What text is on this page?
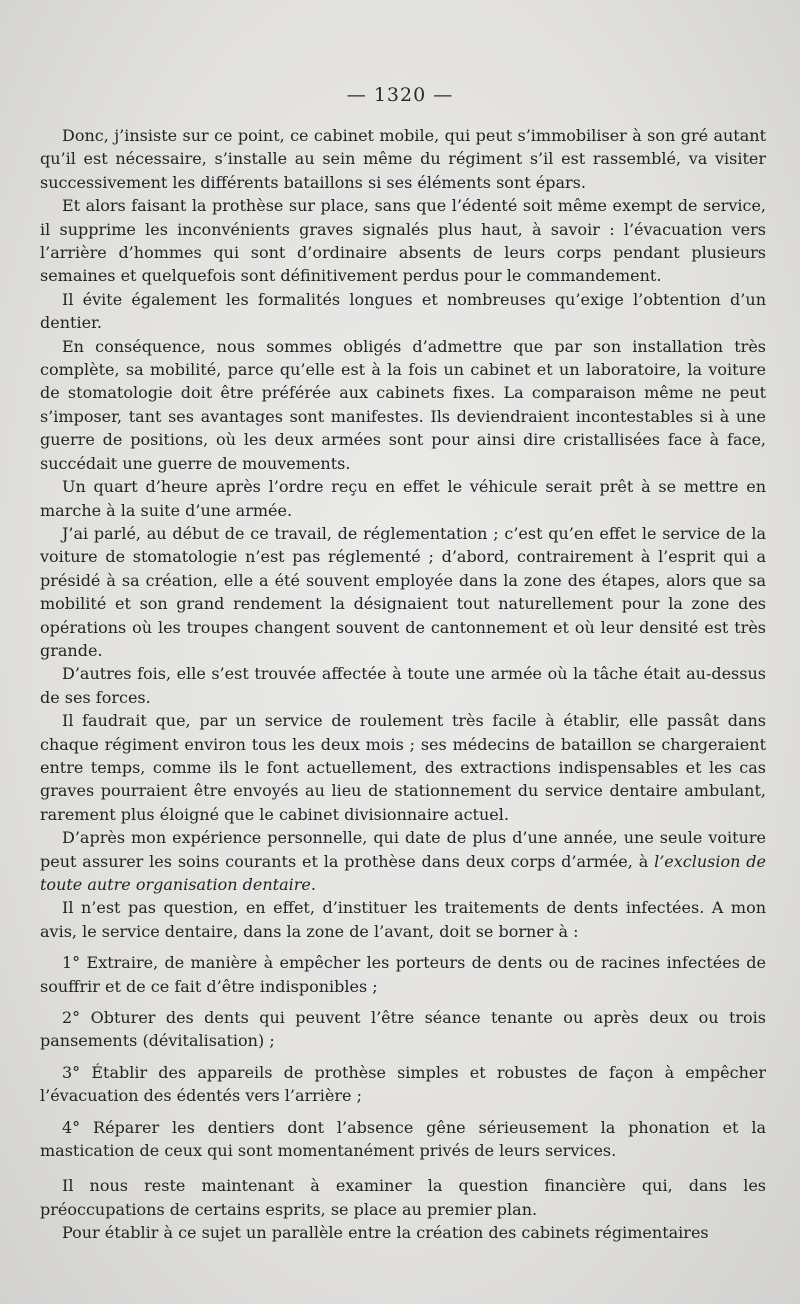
— 1320 —

Donc, j’insiste sur ce point, ce cabinet mobile, qui peut s’immobiliser à son gré autant qu’il est nécessaire, s’installe au sein même du régiment s’il est rassemblé, va visiter successivement les différents bataillons si ses éléments sont épars.

Et alors faisant la prothèse sur place, sans que l’édenté soit même exempt de service, il supprime les inconvénients graves signalés plus haut, à savoir : l’évacuation vers l’arrière d’hommes qui sont d’ordinaire absents de leurs corps pendant plusieurs semaines et quelquefois sont définitivement perdus pour le commandement.

Il évite également les formalités longues et nombreuses qu’exige l’obtention d’un dentier.

En conséquence, nous sommes obligés d’admettre que par son installation très complète, sa mobilité, parce qu’elle est à la fois un cabinet et un laboratoire, la voiture de stomatologie doit être préférée aux cabinets fixes. La comparaison même ne peut s’imposer, tant ses avantages sont manifestes. Ils deviendraient incontestables si à une guerre de positions, où les deux armées sont pour ainsi dire cristallisées face à face, succédait une guerre de mouvements.

Un quart d’heure après l’ordre reçu en effet le véhicule serait prêt à se mettre en marche à la suite d’une armée.

J’ai parlé, au début de ce travail, de réglementation ; c’est qu’en effet le service de la voiture de stomatologie n’est pas réglementé ; d’abord, contrairement à l’esprit qui a présidé à sa création, elle a été souvent employée dans la zone des étapes, alors que sa mobilité et son grand rendement la désignaient tout naturellement pour la zone des opérations où les troupes changent souvent de cantonnement et où leur densité est très grande.

D’autres fois, elle s’est trouvée affectée à toute une armée où la tâche était au-dessus de ses forces.

Il faudrait que, par un service de roulement très facile à établir, elle passât dans chaque régiment environ tous les deux mois ; ses médecins de bataillon se chargeraient entre temps, comme ils le font actuellement, des extractions indispensables et les cas graves pourraient être envoyés au lieu de stationnement du service dentaire ambulant, rarement plus éloigné que le cabinet divisionnaire actuel.

D’après mon expérience personnelle, qui date de plus d’une année, une seule voiture peut assurer les soins courants et la prothèse dans deux corps d’armée, à l’exclusion de toute autre organisation dentaire.

Il n’est pas question, en effet, d’instituer les traitements de dents infectées. A mon avis, le service dentaire, dans la zone de l’avant, doit se borner à :

1° Extraire, de manière à empêcher les porteurs de dents ou de racines infectées de souffrir et de ce fait d’être indisponibles ;

2° Obturer des dents qui peuvent l’être séance tenante ou après deux ou trois pansements (dévitalisation) ;

3° Établir des appareils de prothèse simples et robustes de façon à empêcher l’évacuation des édentés vers l’arrière ;

4° Réparer les dentiers dont l’absence gêne sérieusement la phonation et la mastication de ceux qui sont momentanément privés de leurs services.

Il nous reste maintenant à examiner la question financière qui, dans les préoccupations de certains esprits, se place au premier plan.

Pour établir à ce sujet un parallèle entre la création des cabinets régimentaires
